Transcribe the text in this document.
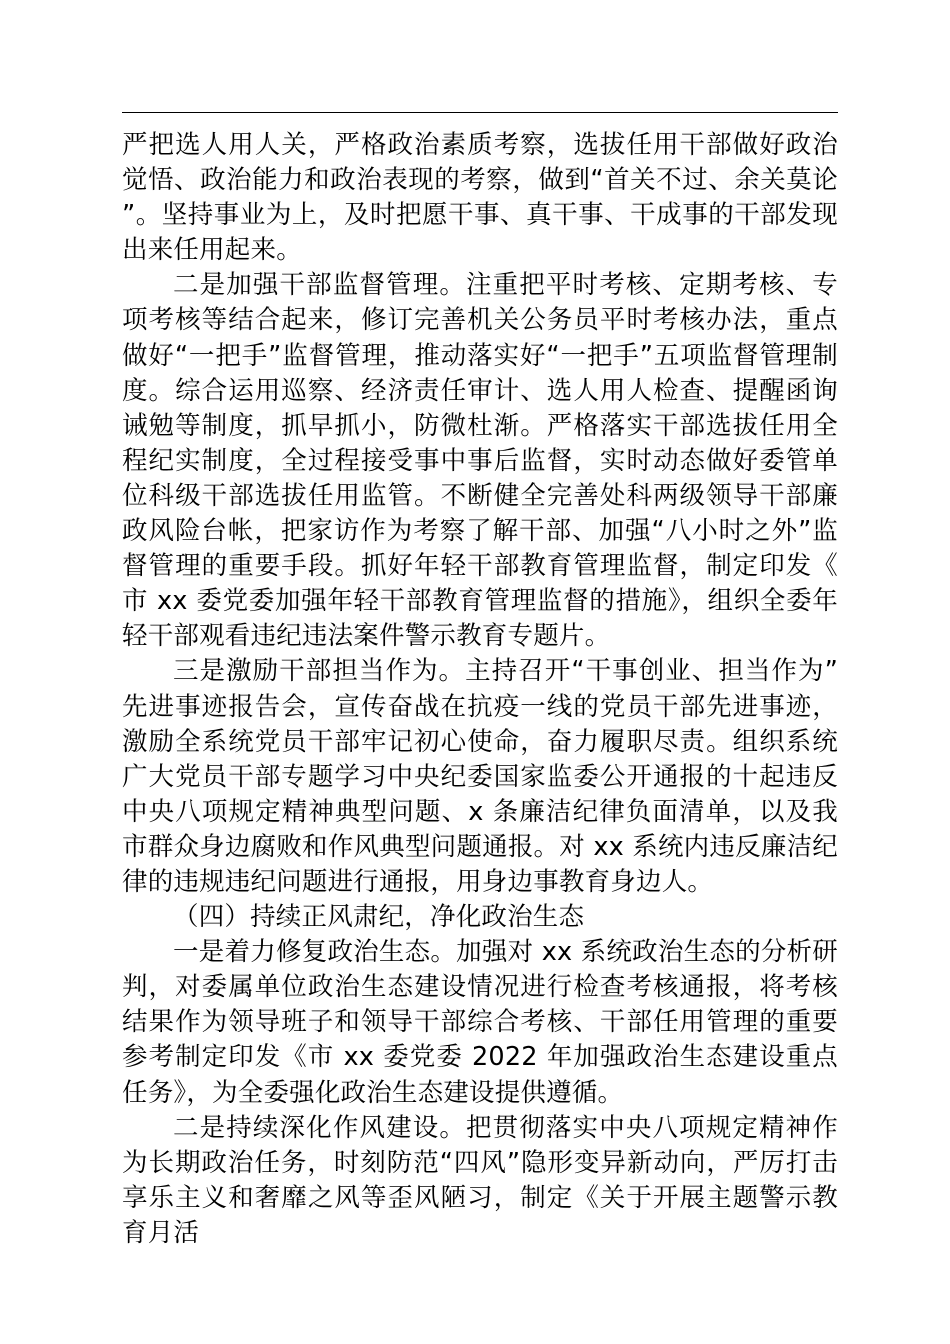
严把选人用人关，严格政治素质考察，选拔任用干部做好政治觉悟、政治能力和政治表现的考察，做到“首关不过、余关莫论”。坚持事业为上，及时把愿干事、真干事、干成事的干部发现出来任用起来。

二是加强干部监督管理。注重把平时考核、定期考核、专项考核等结合起来，修订完善机关公务员平时考核办法，重点做好“一把手”监督管理，推动落实好“一把手”五项监督管理制度。综合运用巡察、经济责任审计、选人用人检查、提醒函询诫勉等制度，抓早抓小，防微杜渐。严格落实干部选拔任用全程纪实制度，全过程接受事中事后监督，实时动态做好委管单位科级干部选拔任用监管。不断健全完善处科两级领导干部廉政风险台帐，把家访作为考察了解干部、加强“八小时之外”监督管理的重要手段。抓好年轻干部教育管理监督，制定印发《市 xx 委党委加强年轻干部教育管理监督的措施》，组织全委年轻干部观看违纪违法案件警示教育专题片。

三是激励干部担当作为。主持召开“干事创业、担当作为”先进事迹报告会，宣传奋战在抗疫一线的党员干部先进事迹，激励全系统党员干部牢记初心使命，奋力履职尽责。组织系统广大党员干部专题学习中央纪委国家监委公开通报的十起违反中央八项规定精神典型问题、x 条廉洁纪律负面清单，以及我市群众身边腐败和作风典型问题通报。对 xx 系统内违反廉洁纪律的违规违纪问题进行通报，用身边事教育身边人。

（四）持续正风肃纪，净化政治生态

一是着力修复政治生态。加强对 xx 系统政治生态的分析研判，对委属单位政治生态建设情况进行检查考核通报，将考核结果作为领导班子和领导干部综合考核、干部任用管理的重要参考制定印发《市 xx 委党委 2022 年加强政治生态建设重点任务》，为全委强化政治生态建设提供遵循。

二是持续深化作风建设。把贯彻落实中央八项规定精神作为长期政治任务，时刻防范“四风”隐形变异新动向，严厉打击享乐主义和奢靡之风等歪风陋习，制定《关于开展主题警示教育月活
